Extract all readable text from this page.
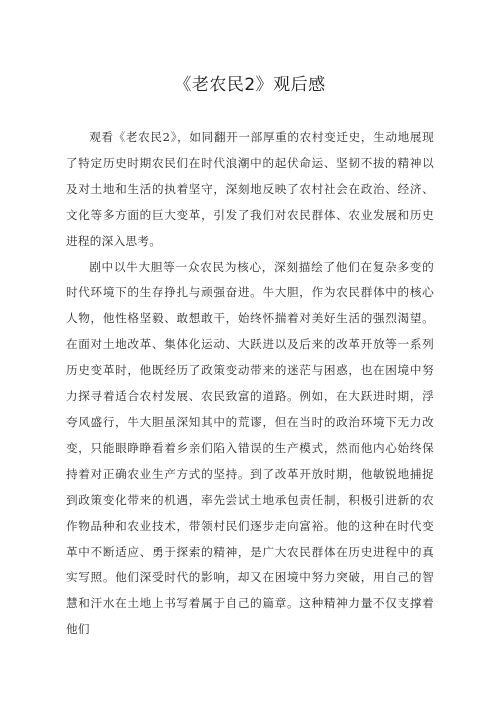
《老农民2》观后感

观看《老农民2》，如同翻开一部厚重的农村变迁史，生动地展现了特定历史时期农民们在时代浪潮中的起伏命运、坚韧不拔的精神以及对土地和生活的执着坚守，深刻地反映了农村社会在政治、经济、文化等多方面的巨大变革，引发了我们对农民群体、农业发展和历史进程的深入思考。

剧中以牛大胆等一众农民为核心，深刻描绘了他们在复杂多变的时代环境下的生存挣扎与顽强奋进。牛大胆，作为农民群体中的核心人物，他性格坚毅、敢想敢干，始终怀揣着对美好生活的强烈渴望。在面对土地改革、集体化运动、大跃进以及后来的改革开放等一系列历史变革时，他既经历了政策变动带来的迷茫与困惑，也在困境中努力探寻着适合农村发展、农民致富的道路。例如，在大跃进时期，浮夸风盛行，牛大胆虽深知其中的荒谬，但在当时的政治环境下无力改变，只能眼睁睁看着乡亲们陷入错误的生产模式，然而他内心始终保持着对正确农业生产方式的坚持。到了改革开放时期，他敏锐地捕捉到政策变化带来的机遇，率先尝试土地承包责任制，积极引进新的农作物品种和农业技术，带领村民们逐步走向富裕。他的这种在时代变革中不断适应、勇于探索的精神，是广大农民群体在历史进程中的真实写照。他们深受时代的影响，却又在困境中努力突破，用自己的智慧和汗水在土地上书写着属于自己的篇章。这种精神力量不仅支撑着他们
